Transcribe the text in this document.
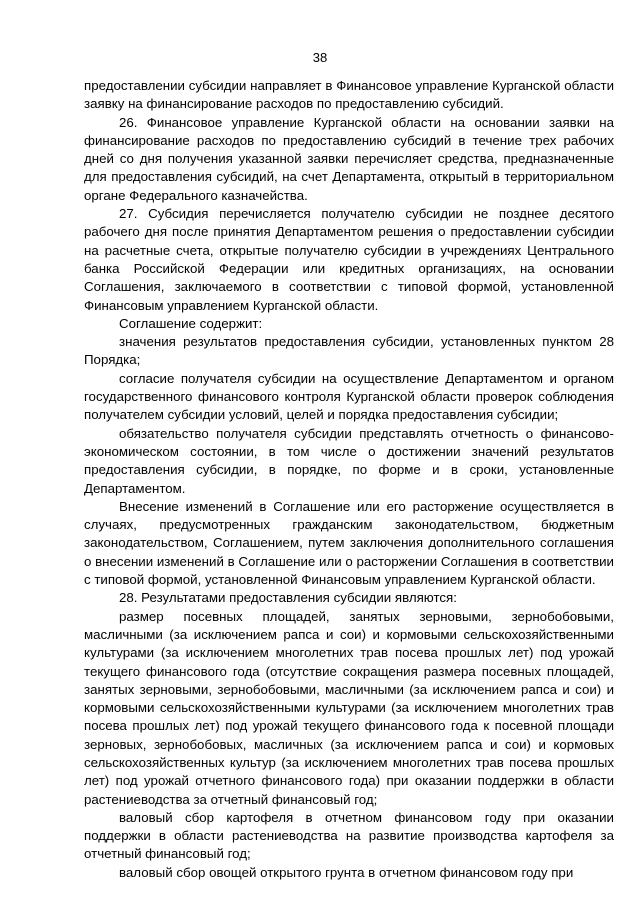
38

предоставлении субсидии направляет в Финансовое управление Курганской области заявку на финансирование расходов по предоставлению субсидий.

26. Финансовое управление Курганской области на основании заявки на финансирование расходов по предоставлению субсидий в течение трех рабочих дней со дня получения указанной заявки перечисляет средства, предназначенные для предоставления субсидий, на счет Департамента, открытый в территориальном органе Федерального казначейства.

27. Субсидия перечисляется получателю субсидии не позднее десятого рабочего дня после принятия Департаментом решения о предоставлении субсидии на расчетные счета, открытые получателю субсидии в учреждениях Центрального банка Российской Федерации или кредитных организациях, на основании Соглашения, заключаемого в соответствии с типовой формой, установленной Финансовым управлением Курганской области.

Соглашение содержит:

значения результатов предоставления субсидии, установленных пунктом 28 Порядка;

согласие получателя субсидии на осуществление Департаментом и органом государственного финансового контроля Курганской области проверок соблюдения получателем субсидии условий, целей и порядка предоставления субсидии;

обязательство получателя субсидии представлять отчетность о финансово-экономическом состоянии, в том числе о достижении значений результатов предоставления субсидии, в порядке, по форме и в сроки, установленные Департаментом.

Внесение изменений в Соглашение или его расторжение осуществляется в случаях, предусмотренных гражданским законодательством, бюджетным законодательством, Соглашением, путем заключения дополнительного соглашения о внесении изменений в Соглашение или о расторжении Соглашения в соответствии с типовой формой, установленной Финансовым управлением Курганской области.

28. Результатами предоставления субсидии являются:

размер посевных площадей, занятых зерновыми, зернобобовыми, масличными (за исключением рапса и сои) и кормовыми сельскохозяйственными культурами (за исключением многолетних трав посева прошлых лет) под урожай текущего финансового года (отсутствие сокращения размера посевных площадей, занятых зерновыми, зернобобовыми, масличными (за исключением рапса и сои) и кормовыми сельскохозяйственными культурами (за исключением многолетних трав посева прошлых лет) под урожай текущего финансового года к посевной площади зерновых, зернобобовых, масличных (за исключением рапса и сои) и кормовых сельскохозяйственных культур (за исключением многолетних трав посева прошлых лет) под урожай отчетного финансового года) при оказании поддержки в области растениеводства за отчетный финансовый год;

валовый сбор картофеля в отчетном финансовом году при оказании поддержки в области растениеводства на развитие производства картофеля за отчетный финансовый год;

валовый сбор овощей открытого грунта в отчетном финансовом году при
